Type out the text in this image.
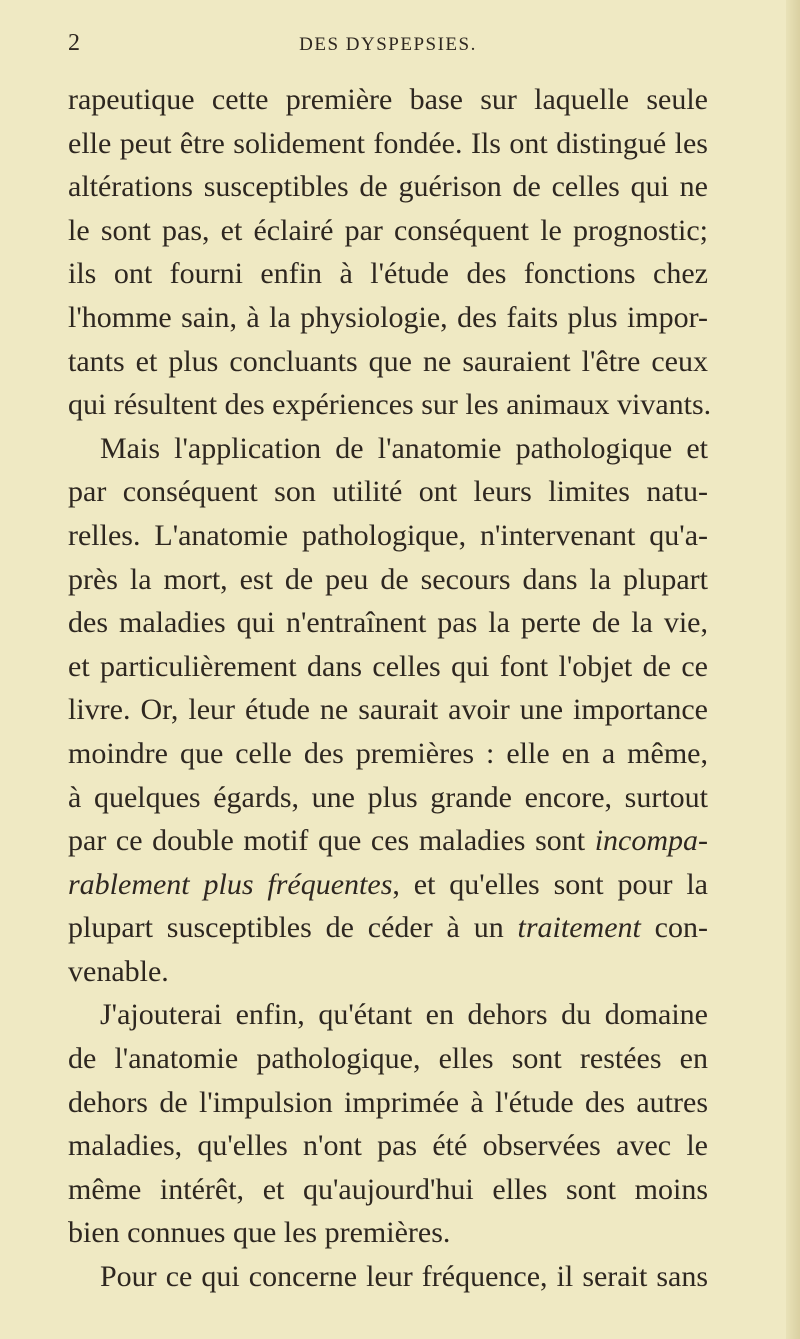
2	DES DYSPEPSIES.
rapeutique cette première base sur laquelle seule
elle peut être solidement fondée. Ils ont distingué les
altérations susceptibles de guérison de celles qui ne
le sont pas, et éclairé par conséquent le prognostic;
ils ont fourni enfin à l'étude des fonctions chez
l'homme sain, à la physiologie, des faits plus impor-
tants et plus concluants que ne sauraient l'être ceux
qui résultent des expériences sur les animaux vivants.
Mais l'application de l'anatomie pathologique et
par conséquent son utilité ont leurs limites natu-
relles. L'anatomie pathologique, n'intervenant qu'a-
près la mort, est de peu de secours dans la plupart
des maladies qui n'entraînent pas la perte de la vie,
et particulièrement dans celles qui font l'objet de ce
livre. Or, leur étude ne saurait avoir une importance
moindre que celle des premières : elle en a même,
à quelques égards, une plus grande encore, surtout
par ce double motif que ces maladies sont incompa-
rablement plus fréquentes, et qu'elles sont pour la
plupart susceptibles de céder à un traitement con-
venable.
J'ajouterai enfin, qu'étant en dehors du domaine
de l'anatomie pathologique, elles sont restées en
dehors de l'impulsion imprimée à l'étude des autres
maladies, qu'elles n'ont pas été observées avec le
même intérêt, et qu'aujourd'hui elles sont moins
bien connues que les premières.
Pour ce qui concerne leur fréquence, il serait sans
